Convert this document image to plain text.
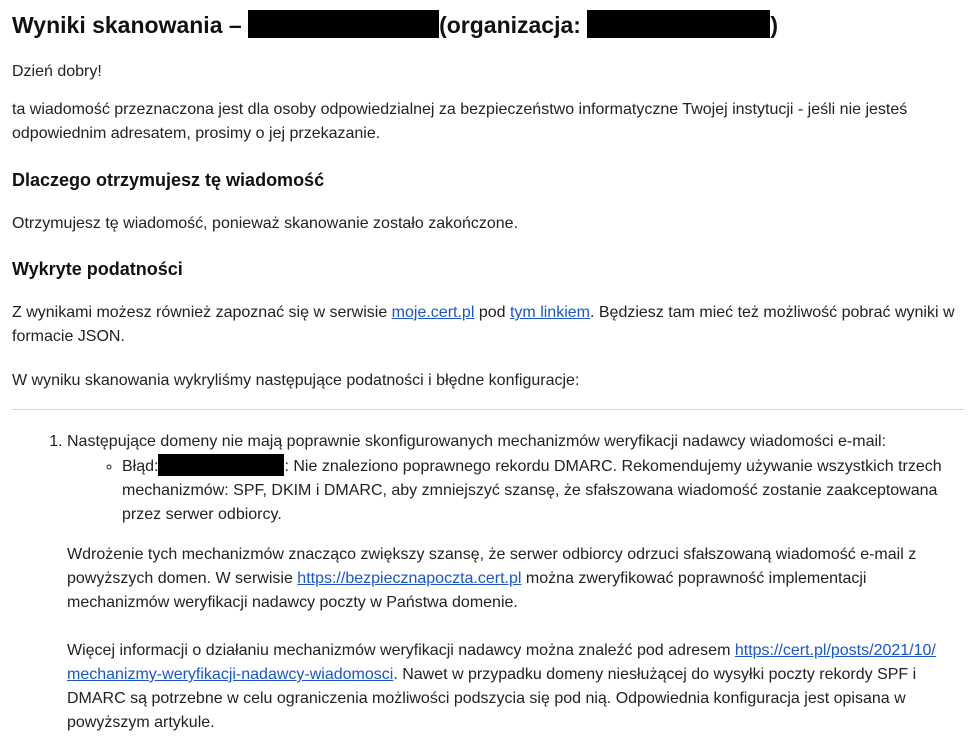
Wyniki skanowania –	(organizacja:	)

Dzień dobry!

ta wiadomość przeznaczona jest dla osoby odpowiedzialnej za bezpieczeństwo informatyczne Twojej instytucji - jeśli nie jesteś odpowiednim adresatem, prosimy o jej przekazanie.

Dlaczego otrzymujesz tę wiadomość

Otrzymujesz tę wiadomość, ponieważ skanowanie zostało zakończone.

Wykryte podatności

Z wynikami możesz również zapoznać się w serwisie moje.cert.pl pod tym linkiem. Będziesz tam mieć też możliwość pobrać wyniki w formacie JSON.

W wyniku skanowania wykryliśmy następujące podatności i błędne konfiguracje:

1. Następujące domeny nie mają poprawnie skonfigurowanych mechanizmów weryfikacji nadawcy wiadomości e-mail:
◦ Błąd:	: Nie znaleziono poprawnego rekordu DMARC. Rekomendujemy używanie wszystkich trzech mechanizmów: SPF, DKIM i DMARC, aby zmniejszyć szansę, że sfałszowana wiadomość zostanie zaakceptowana przez serwer odbiorcy.

Wdrożenie tych mechanizmów znacząco zwiększy szansę, że serwer odbiorcy odrzuci sfałszowaną wiadomość e-mail z powyższych domen. W serwisie https://bezpiecznapoczta.cert.pl można zweryfikować poprawność implementacji mechanizmów weryfikacji nadawcy poczty w Państwa domenie.

Więcej informacji o działaniu mechanizmów weryfikacji nadawcy można znaleźć pod adresem https://cert.pl/posts/2021/10/
mechanizmy-weryfikacji-nadawcy-wiadomosci. Nawet w przypadku domeny niesłużącej do wysyłki poczty rekordy SPF i DMARC są potrzebne w celu ograniczenia możliwości podszycia się pod nią. Odpowiednia konfiguracja jest opisana w powyższym artykule.
